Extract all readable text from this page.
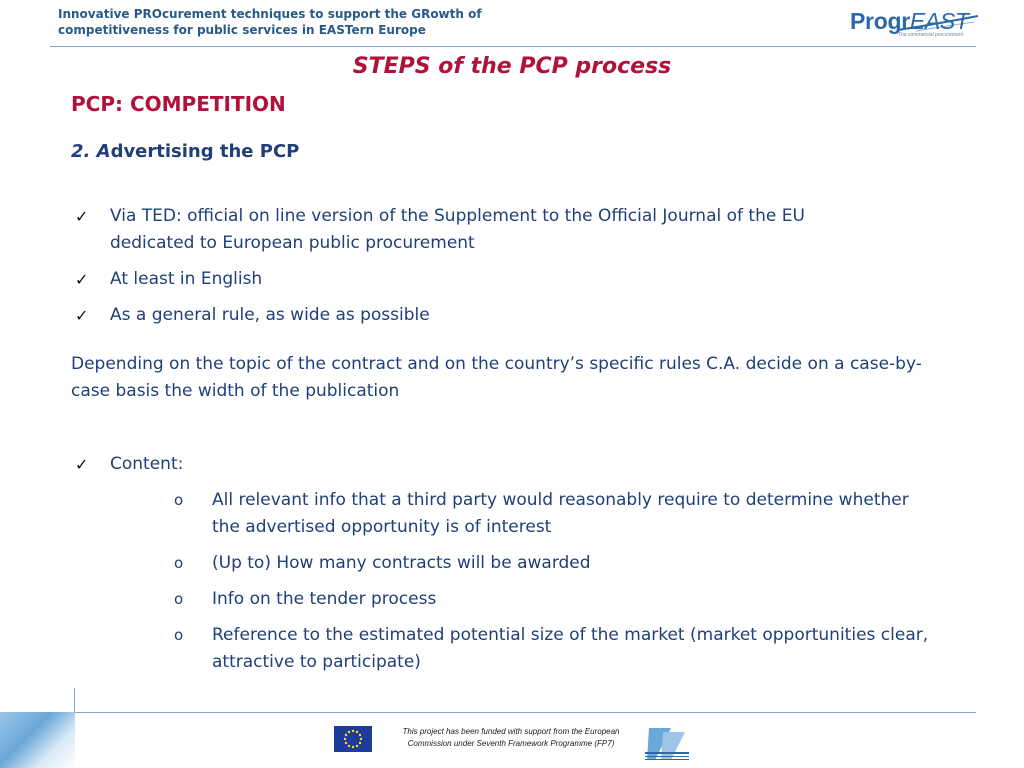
Innovative PROcurement techniques to support the GRowth of
competitiveness for public services in EASTern Europe	ProgrEAST
The commercial procurement
STEPS of the PCP process
PCP: COMPETITION
2. Advertising the PCP
✓ Via TED: official on line version of the Supplement to the Official Journal of the EU dedicated to European public procurement
✓ At least in English
✓ As a general rule, as wide as possible
Depending on the topic of the contract and on the country’s specific rules C.A. decide on a case-by-case basis the width of the publication
✓ Content:
o All relevant info that a third party would reasonably require to determine whether the advertised opportunity is of interest
o (Up to) How many contracts will be awarded
o Info on the tender process
o Reference to the estimated potential size of the market (market opportunities clear, attractive to participate)
This project has been funded with support from the European
Commission under Seventh Framework Programme (FP7)
